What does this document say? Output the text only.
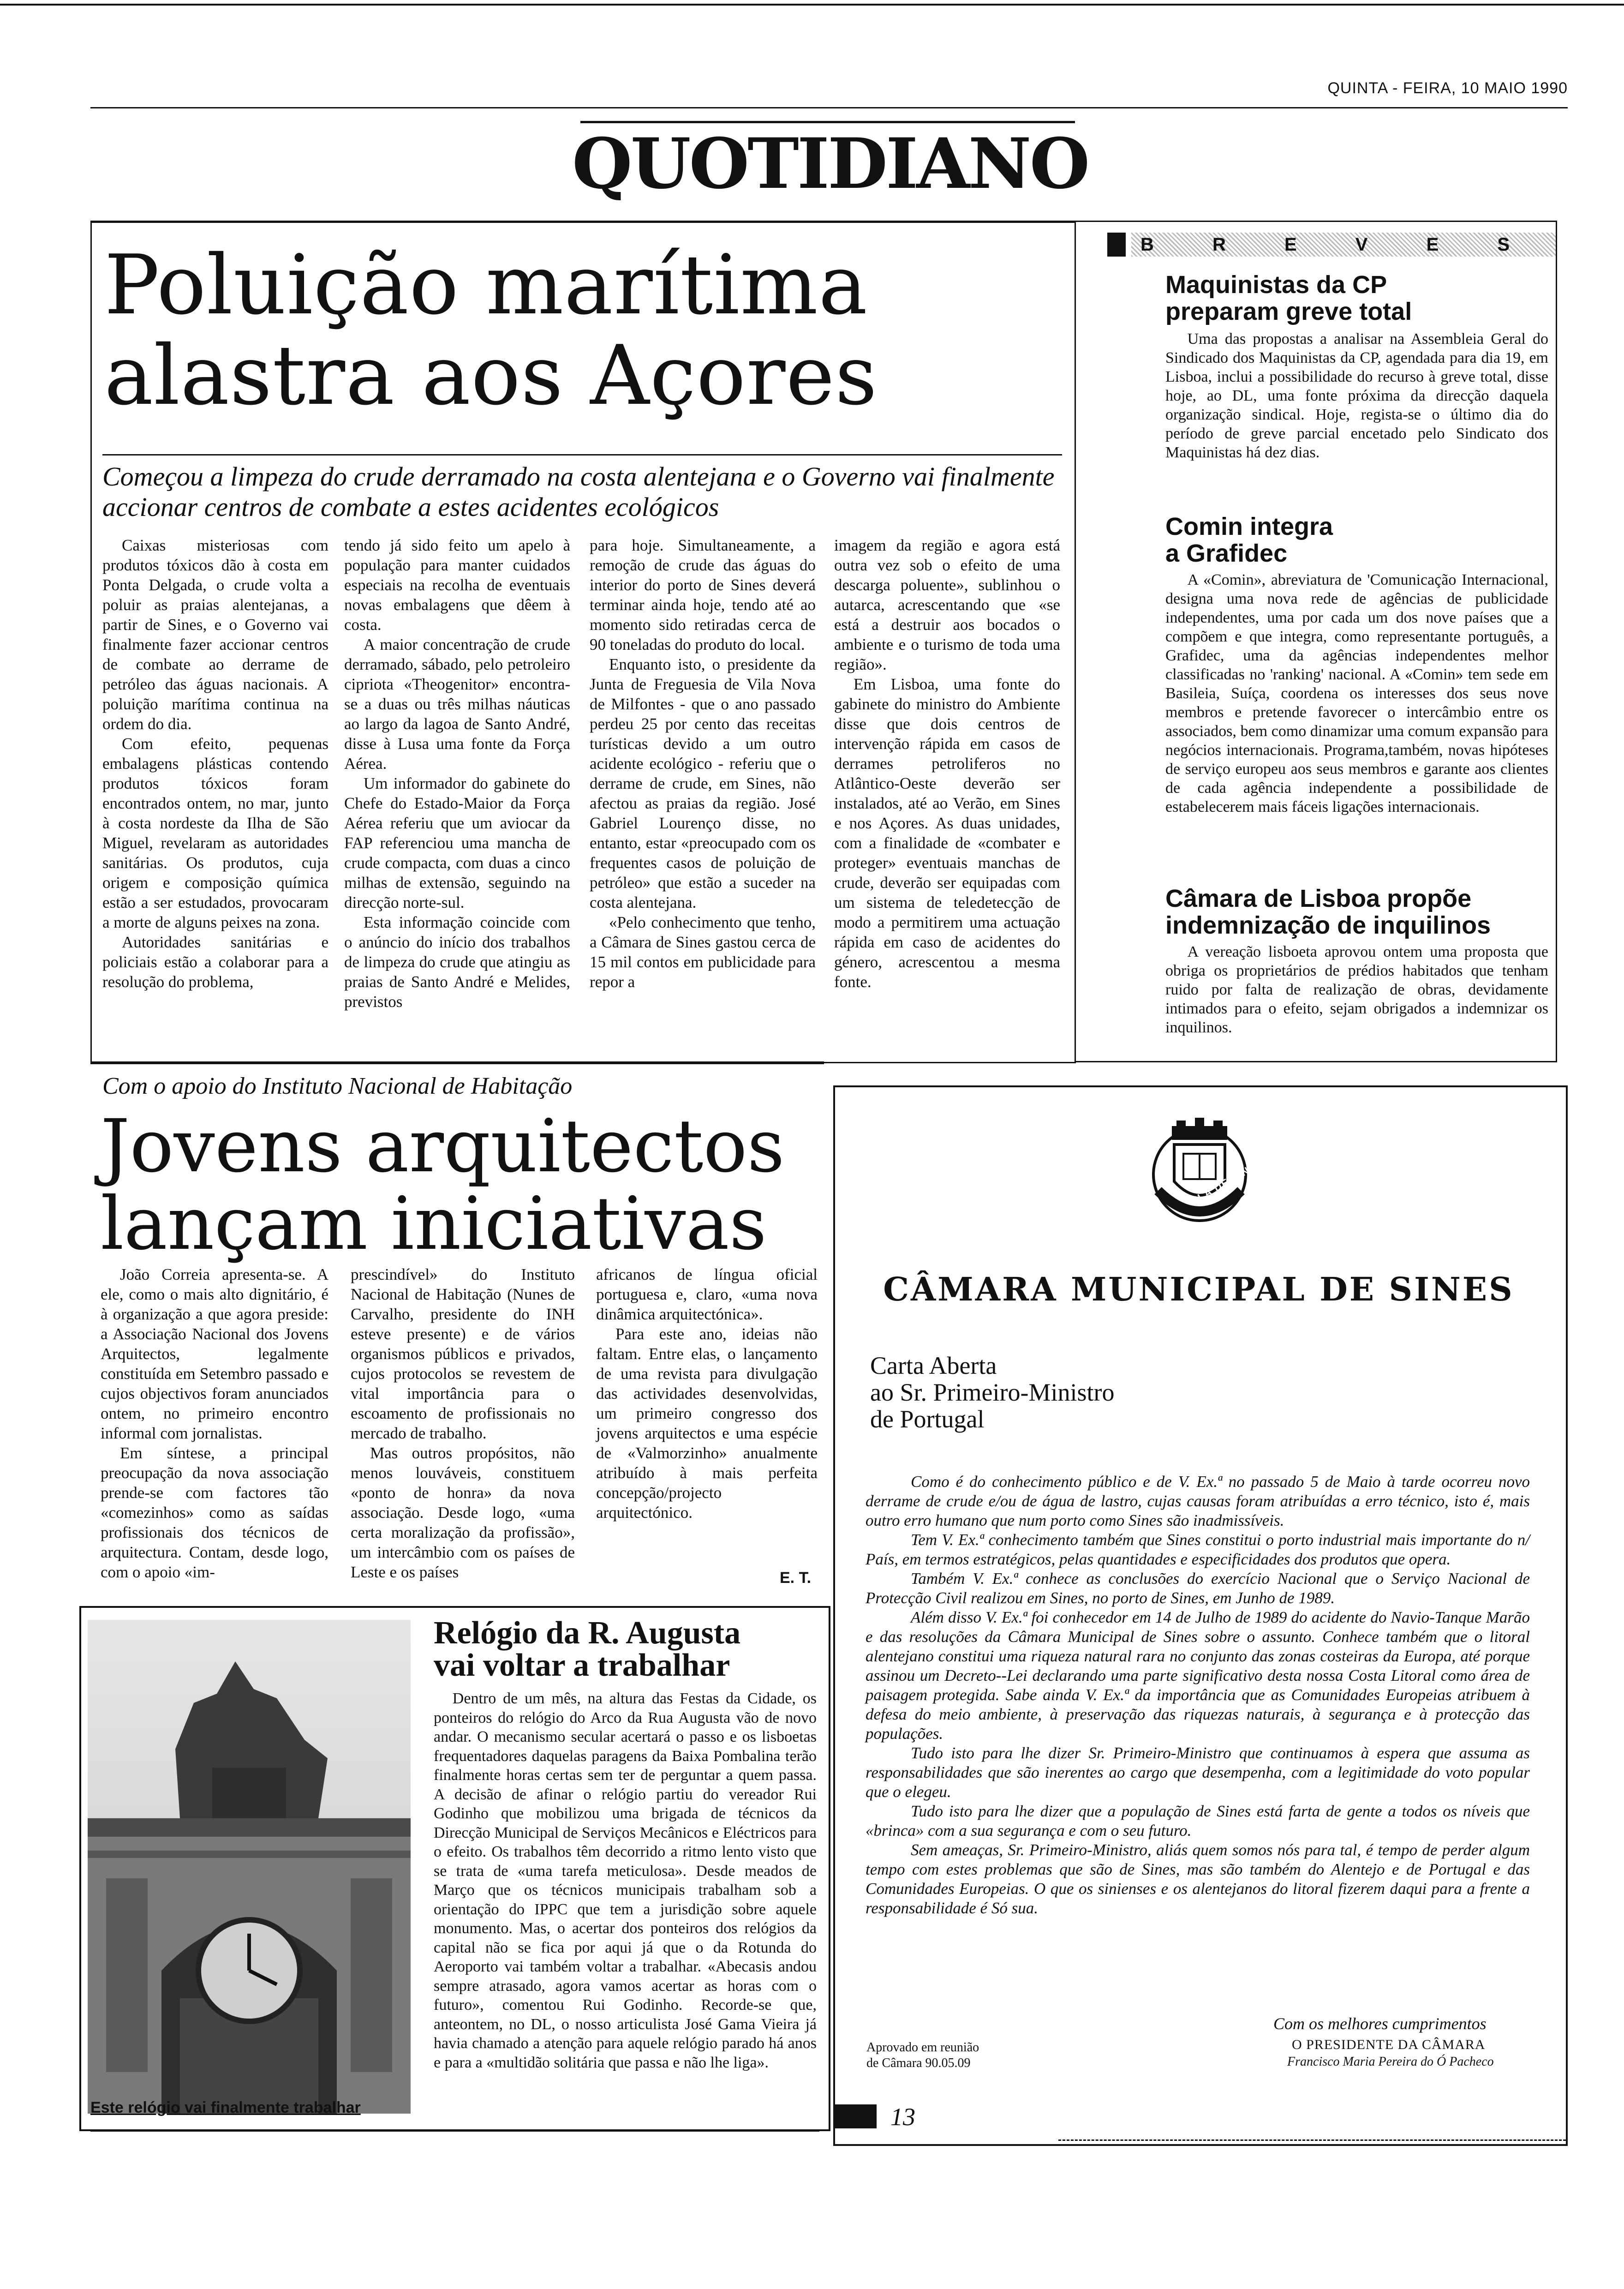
QUINTA - FEIRA, 10 MAIO 1990
QUOTIDIANO
Poluição marítima
alastra aos Açores
Começou a limpeza do crude derramado na costa alentejana e o Governo vai finalmente accionar centros de combate a estes acidentes ecológicos

Caixas misteriosas com produtos tóxicos dão à costa em Ponta Delgada, o crude volta a poluir as praias alentejanas, a partir de Sines, e o Governo vai finalmente fazer accionar centros de combate ao derrame de petróleo das águas nacionais. A poluição marítima continua na ordem do dia.

Com efeito, pequenas embalagens plásticas contendo produtos tóxicos foram encontrados ontem, no mar, junto à costa nordeste da Ilha de São Miguel, revelaram as autoridades sanitárias. Os produtos, cuja origem e composição química estão a ser estudados, provocaram a morte de alguns peixes na zona.

Autoridades sanitárias e policiais estão a colaborar para a resolução do problema,

tendo já sido feito um apelo à população para manter cuidados especiais na recolha de eventuais novas embalagens que dêem à costa.

A maior concentração de crude derramado, sábado, pelo petroleiro cipriota «Theogenitor» encontra-se a duas ou três milhas náuticas ao largo da lagoa de Santo André, disse à Lusa uma fonte da Força Aérea.

Um informador do gabinete do Chefe do Estado-Maior da Força Aérea referiu que um aviocar da FAP referenciou uma mancha de crude compacta, com duas a cinco milhas de extensão, seguindo na direcção norte-sul.

Esta informação coincide com o anúncio do início dos trabalhos de limpeza do crude que atingiu as praias de Santo André e Melides, previstos

para hoje. Simultaneamente, a remoção de crude das águas do interior do porto de Sines deverá terminar ainda hoje, tendo até ao momento sido retiradas cerca de 90 toneladas do produto do local.

Enquanto isto, o presidente da Junta de Freguesia de Vila Nova de Milfontes - que o ano passado perdeu 25 por cento das receitas turísticas devido a um outro acidente ecológico - referiu que o derrame de crude, em Sines, não afectou as praias da região. José Gabriel Lourenço disse, no entanto, estar «preocupado com os frequentes casos de poluição de petróleo» que estão a suceder na costa alentejana.

«Pelo conhecimento que tenho, a Câmara de Sines gastou cerca de 15 mil contos em publicidade para repor a

imagem da região e agora está outra vez sob o efeito de uma descarga poluente», sublinhou o autarca, acrescentando que «se está a destruir aos bocados o ambiente e o turismo de toda uma região».

Em Lisboa, uma fonte do gabinete do ministro do Ambiente disse que dois centros de intervenção rápida em casos de derrames petroliferos no Atlântico-Oeste deverão ser instalados, até ao Verão, em Sines e nos Açores. As duas unidades, com a finalidade de «combater e proteger» eventuais manchas de crude, deverão ser equipadas com um sistema de teledetecção de modo a permitirem uma actuação rápida em caso de acidentes do género, acrescentou a mesma fonte.

B R E V E S
Maquinistas da CP
preparam greve total

Uma das propostas a analisar na Assembleia Geral do Sindicado dos Maquinistas da CP, agendada para dia 19, em Lisboa, inclui a possibilidade do recurso à greve total, disse hoje, ao DL, uma fonte próxima da direcção daquela organização sindical. Hoje, regista-se o último dia do período de greve parcial encetado pelo Sindicato dos Maquinistas há dez dias.

Comin integra
a Grafidec

A «Comin», abreviatura de 'Comunicação Internacional, designa uma nova rede de agências de publicidade independentes, uma por cada um dos nove países que a compõem e que integra, como representante português, a Grafidec, uma da agências independentes melhor classificadas no 'ranking' nacional. A «Comin» tem sede em Basileia, Suíça, coordena os interesses dos seus nove membros e pretende favorecer o intercâmbio entre os associados, bem como dinamizar uma comum expansão para negócios internacionais. Programa,também, novas hipóteses de serviço europeu aos seus membros e garante aos clientes de cada agência independente a possibilidade de estabelecerem mais fáceis ligações internacionais.

Câmara de Lisboa propõe
indemnização de inquilinos

A vereação lisboeta aprovou ontem uma proposta que obriga os proprietários de prédios habitados que tenham ruido por falta de realização de obras, devidamente intimados para o efeito, sejam obrigados a indemnizar os inquilinos.

Com o apoio do Instituto Nacional de Habitação
Jovens arquitectos
lançam iniciativas

João Correia apresenta-se. A ele, como o mais alto dignitário, é à organização a que agora preside: a Associação Nacional dos Jovens Arquitectos, legalmente constituída em Setembro passado e cujos objectivos foram anunciados ontem, no primeiro encontro informal com jornalistas.

Em síntese, a principal preocupação da nova associação prende-se com factores tão «comezinhos» como as saídas profissionais dos técnicos de arquitectura. Contam, desde logo, com o apoio «im-

prescindível» do Instituto Nacional de Habitação (Nunes de Carvalho, presidente do INH esteve presente) e de vários organismos públicos e privados, cujos protocolos se revestem de vital importância para o escoamento de profissionais no mercado de trabalho.

Mas outros propósitos, não menos louváveis, constituem «ponto de honra» da nova associação. Desde logo, «uma certa moralização da profissão», um intercâmbio com os países de Leste e os países

africanos de língua oficial portuguesa e, claro, «uma nova dinâmica arquitectónica».

Para este ano, ideias não faltam. Entre elas, o lançamento de uma revista para divulgação das actividades desenvolvidas, um primeiro congresso dos jovens arquitectos e uma espécie de «Valmorzinho» anualmente atribuído à mais perfeita concepção/projecto arquitectónico.

E. T.
Relógio da R. Augusta
vai voltar a trabalhar

Dentro de um mês, na altura das Festas da Cidade, os ponteiros do relógio do Arco da Rua Augusta vão de novo andar. O mecanismo secular acertará o passo e os lisboetas frequentadores daquelas paragens da Baixa Pombalina terão finalmente horas certas sem ter de perguntar a quem passa. A decisão de afinar o relógio partiu do vereador Rui Godinho que mobilizou uma brigada de técnicos da Direcção Municipal de Serviços Mecânicos e Eléctricos para o efeito. Os trabalhos têm decorrido a ritmo lento visto que se trata de «uma tarefa meticulosa». Desde meados de Março que os técnicos municipais trabalham sob a orientação do IPPC que tem a jurisdição sobre aquele monumento. Mas, o acertar dos ponteiros dos relógios da capital não se fica por aqui já que o da Rotunda do Aeroporto vai também voltar a trabalhar. «Abecasis andou sempre atrasado, agora vamos acertar as horas com o futuro», comentou Rui Godinho. Recorde-se que, anteontem, no DL, o nosso articulista José Gama Vieira já havia chamado a atenção para aquele relógio parado há anos e para a «multidão solitária que passa e não lhe liga».

Este relógio vai finalmente trabalhar
VILA DE SINES
CÂMARA MUNICIPAL DE SINES
Carta Aberta
ao Sr. Primeiro-Ministro
de Portugal

Como é do conhecimento público e de V. Ex.ª no passado 5 de Maio à tarde ocorreu novo derrame de crude e/ou de água de lastro, cujas causas foram atribuídas a erro técnico, isto é, mais outro erro humano que num porto como Sines são inadmissíveis.

Tem V. Ex.ª conhecimento também que Sines constitui o porto industrial mais importante do n/ País, em termos estratégicos, pelas quantidades e especificidades dos produtos que opera.

Também V. Ex.ª conhece as conclusões do exercício Nacional que o Serviço Nacional de Protecção Civil realizou em Sines, no porto de Sines, em Junho de 1989.

Além disso V. Ex.ª foi conhecedor em 14 de Julho de 1989 do acidente do Navio-Tanque Marão e das resoluções da Câmara Municipal de Sines sobre o assunto. Conhece também que o litoral alentejano constitui uma riqueza natural rara no conjunto das zonas costeiras da Europa, até porque assinou um Decreto--Lei declarando uma parte significativo desta nossa Costa Litoral como área de paisagem protegida. Sabe ainda V. Ex.ª da importância que as Comunidades Europeias atribuem à defesa do meio ambiente, à preservação das riquezas naturais, à segurança e à protecção das populações.

Tudo isto para lhe dizer Sr. Primeiro-Ministro que continuamos à espera que assuma as responsabilidades que são inerentes ao cargo que desempenha, com a legitimidade do voto popular que o elegeu.

Tudo isto para lhe dizer que a população de Sines está farta de gente a todos os níveis que «brinca» com a sua segurança e com o seu futuro.

Sem ameaças, Sr. Primeiro-Ministro, aliás quem somos nós para tal, é tempo de perder algum tempo com estes problemas que são de Sines, mas são também do Alentejo e de Portugal e das Comunidades Europeias. O que os sinienses e os alentejanos do litoral fizerem daqui para a frente a responsabilidade é Só sua.

Com os melhores cumprimentos
O PRESIDENTE DA CÂMARA
Francisco Maria Pereira do Ó Pacheco
Aprovado em reunião
de Câmara 90.05.09
13
